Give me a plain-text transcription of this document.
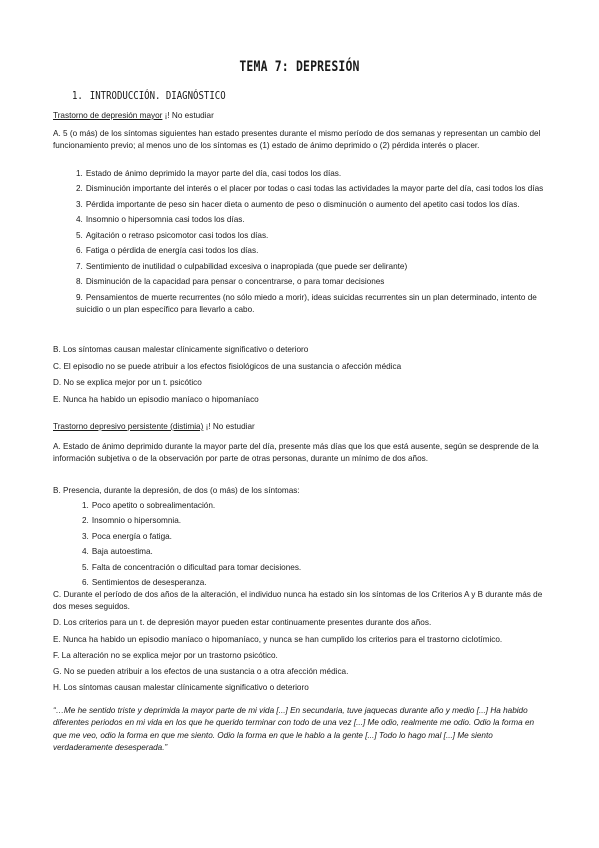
TEMA 7: DEPRESIÓN
1. INTRODUCCIÓN. DIAGNÓSTICO

Trastorno de depresión mayor ¡! No estudiar

A. 5 (o más) de los síntomas siguientes han estado presentes durante el mismo período de dos semanas y representan un cambio del funcionamiento previo; al menos uno de los síntomas es (1) estado de ánimo deprimido o (2) pérdida interés o placer.

1. Estado de ánimo deprimido la mayor parte del día, casi todos los días.

2. Disminución importante del interés o el placer por todas o casi todas las actividades la mayor parte del día, casi todos los días

3. Pérdida importante de peso sin hacer dieta o aumento de peso o disminución o aumento del apetito casi todos los días.

4. Insomnio o hipersomnia casi todos los días.

5. Agitación o retraso psicomotor casi todos los días.

6. Fatiga o pérdida de energía casi todos los días.

7. Sentimiento de inutilidad o culpabilidad excesiva o inapropiada (que puede ser delirante)

8. Disminución de la capacidad para pensar o concentrarse, o para tomar decisiones

9. Pensamientos de muerte recurrentes (no sólo miedo a morir), ideas suicidas recurrentes sin un plan determinado, intento de suicidio o un plan específico para llevarlo a cabo.

B. Los síntomas causan malestar clínicamente significativo o deterioro

C. El episodio no se puede atribuir a los efectos fisiológicos de una sustancia o afección médica

D. No se explica mejor por un t. psicótico

E. Nunca ha habido un episodio maníaco o hipomaníaco

Trastorno depresivo persistente (distimia) ¡! No estudiar

A. Estado de ánimo deprimido durante la mayor parte del día, presente más días que los que está ausente, según se desprende de la información subjetiva o de la observación por parte de otras personas, durante un mínimo de dos años.

B. Presencia, durante la depresión, de dos (o más) de los síntomas:

1. Poco apetito o sobrealimentación.

2. Insomnio o hipersomnia.

3. Poca energía o fatiga.

4. Baja autoestima.

5. Falta de concentración o dificultad para tomar decisiones.

6. Sentimientos de desesperanza.

C. Durante el período de dos años de la alteración, el individuo nunca ha estado sin los síntomas de los Criterios A y B durante más de dos meses seguidos.

D. Los criterios para un t. de depresión mayor pueden estar continuamente presentes durante dos años.

E. Nunca ha habido un episodio maníaco o hipomaníaco, y nunca se han cumplido los criterios para el trastorno ciclotímico.

F. La alteración no se explica mejor por un trastorno psicótico.

G. No se pueden atribuir a los efectos de una sustancia o a otra afección médica.

H. Los síntomas causan malestar clínicamente significativo o deterioro

“…Me he sentido triste y deprimida la mayor parte de mi vida [...] En secundaria, tuve jaquecas durante año y medio [...] Ha habido diferentes periodos en mi vida en los que he querido terminar con todo de una vez [...] Me odio, realmente me odio. Odio la forma en que me veo, odio la forma en que me siento. Odio la forma en que le hablo a la gente [...] Todo lo hago mal [...] Me siento verdaderamente desesperada.”
